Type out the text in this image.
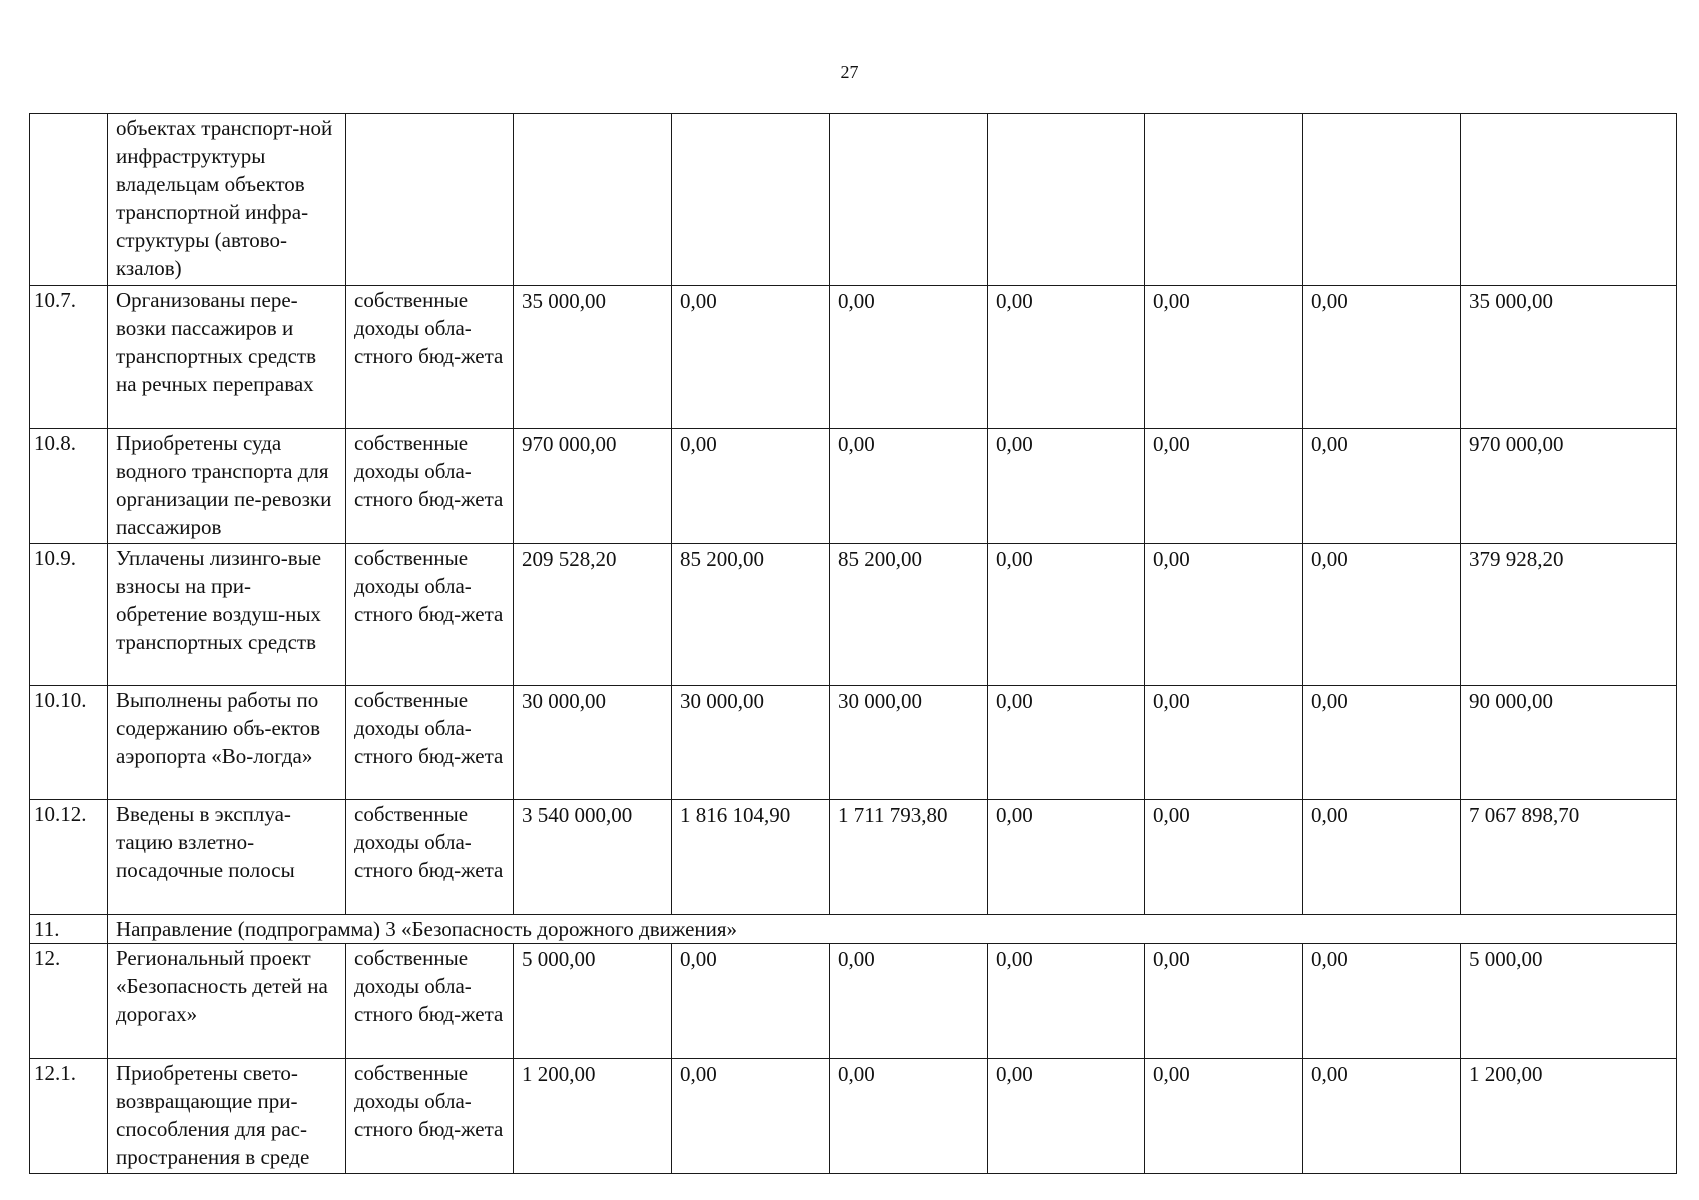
27
	объектах транспорт-ной инфраструктуры владельцам объектов транспортной инфра-структуры (автово-кзалов)								
10.7.	Организованы пере-возки пассажиров и транспортных средств на речных переправах	собственные доходы обла-стного бюд-жета	35 000,00	0,00	0,00	0,00	0,00	0,00	35 000,00
10.8.	Приобретены суда водного транспорта для организации пе-ревозки пассажиров	собственные доходы обла-стного бюд-жета	970 000,00	0,00	0,00	0,00	0,00	0,00	970 000,00
10.9.	Уплачены лизинго-вые взносы на при-обретение воздуш-ных транспортных средств	собственные доходы обла-стного бюд-жета	209 528,20	85 200,00	85 200,00	0,00	0,00	0,00	379 928,20
10.10.	Выполнены работы по содержанию объ-ектов аэропорта «Во-логда»	собственные доходы обла-стного бюд-жета	30 000,00	30 000,00	30 000,00	0,00	0,00	0,00	90 000,00
10.12.	Введены в эксплуа-тацию взлетно-посадочные полосы	собственные доходы обла-стного бюд-жета	3 540 000,00	1 816 104,90	1 711 793,80	0,00	0,00	0,00	7 067 898,70
11.	Направление (подпрограмма) 3 «Безопасность дорожного движения»								
12.	Региональный проект «Безопасность детей на дорогах»	собственные доходы обла-стного бюд-жета	5 000,00	0,00	0,00	0,00	0,00	0,00	5 000,00
12.1.	Приобретены свето-возвращающие при-способления для рас-пространения в среде	собственные доходы обла-стного бюд-жета	1 200,00	0,00	0,00	0,00	0,00	0,00	1 200,00
